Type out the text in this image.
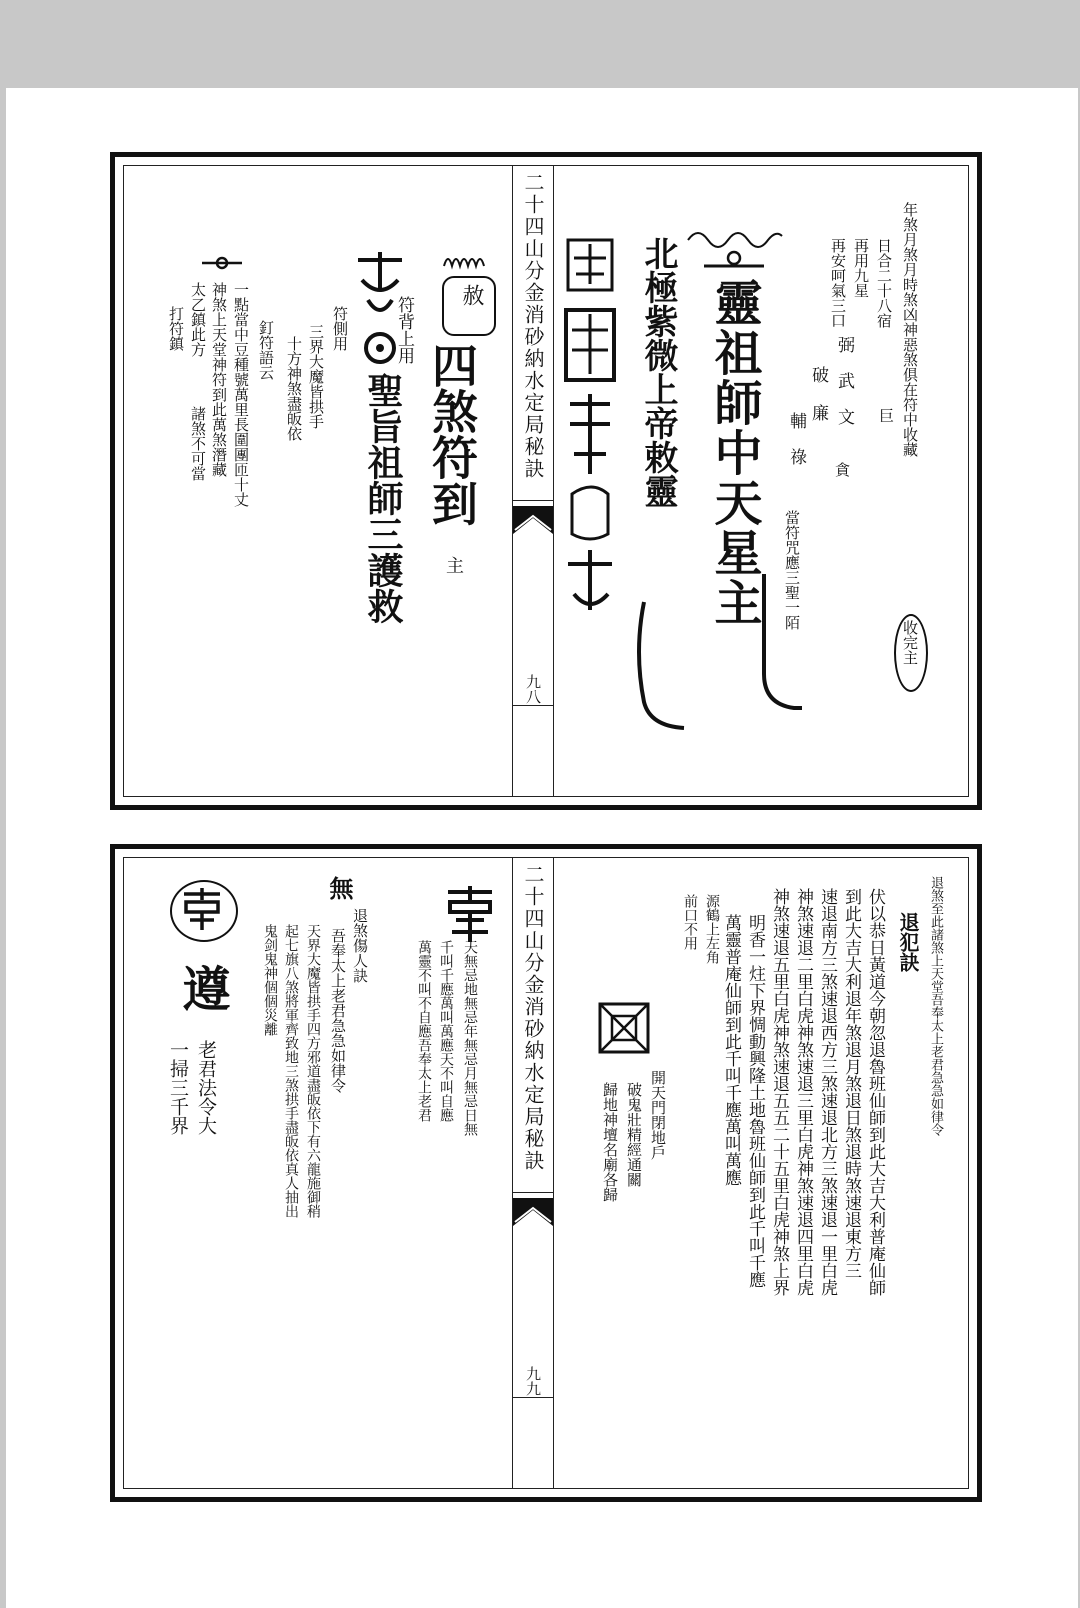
二十四山分金消砂納水定局秘訣
九八
年煞月煞月時煞凶神惡煞俱在符中收藏
收完主
日合二十八宿
再用九星
再安呵氣三口
弼
武
文 巨
破
廉
貪
輔
祿
靈祖師中天星主
北極紫微上帝敕靈
當符咒應三聖一陌
赦
四煞符到
主
聖旨祖師三護救
符背上用
符側用
三界大魔皆拱手
十方神煞盡皈依
釘符語云
一點當中豆種號萬里長圍團匝十丈
神煞上天堂神符到此萬煞潛藏
太乙鎮此方
諸煞不可當
打符鎮
二十四山分金消砂納水定局秘訣
九九
退煞至此諸煞上天堂吾奉太上老君急急如律令
退犯訣
伏以恭日黃道今朝忽退魯班仙師到此大吉大利普庵仙師
到此大吉大利退年煞退月煞退日煞退時煞速退東方三
速退南方三煞速退西方三煞速退北方三煞速退一里白虎
神煞速退二里白虎神煞速退三里白虎神煞速退四里白虎
神煞速退五里白虎神煞速退五五二十五里白虎神煞上界
明香一炷下界惆動興隆土地魯班仙師到此千叫千應
萬靈普庵仙師到此千叫千應萬叫萬應
源鶴上左角
前口不用
開天門閉地戶
破鬼壯精經通關
歸地神壇名廟各歸
天無忌地無忌年無忌月無忌日無
千叫千應萬叫萬應天不叫自應
萬靈不叫不自應吾奉太上老君
無
退煞傷人訣
吾奉太上老君急急如律令
天界大魔皆拱手四方邪道盡皈依下有六龍施御稍
起七旗八煞將軍齊致地三煞拱手盡皈依真人抽出
鬼剑鬼神個個災離
遵
老君法令大
一掃三千界
